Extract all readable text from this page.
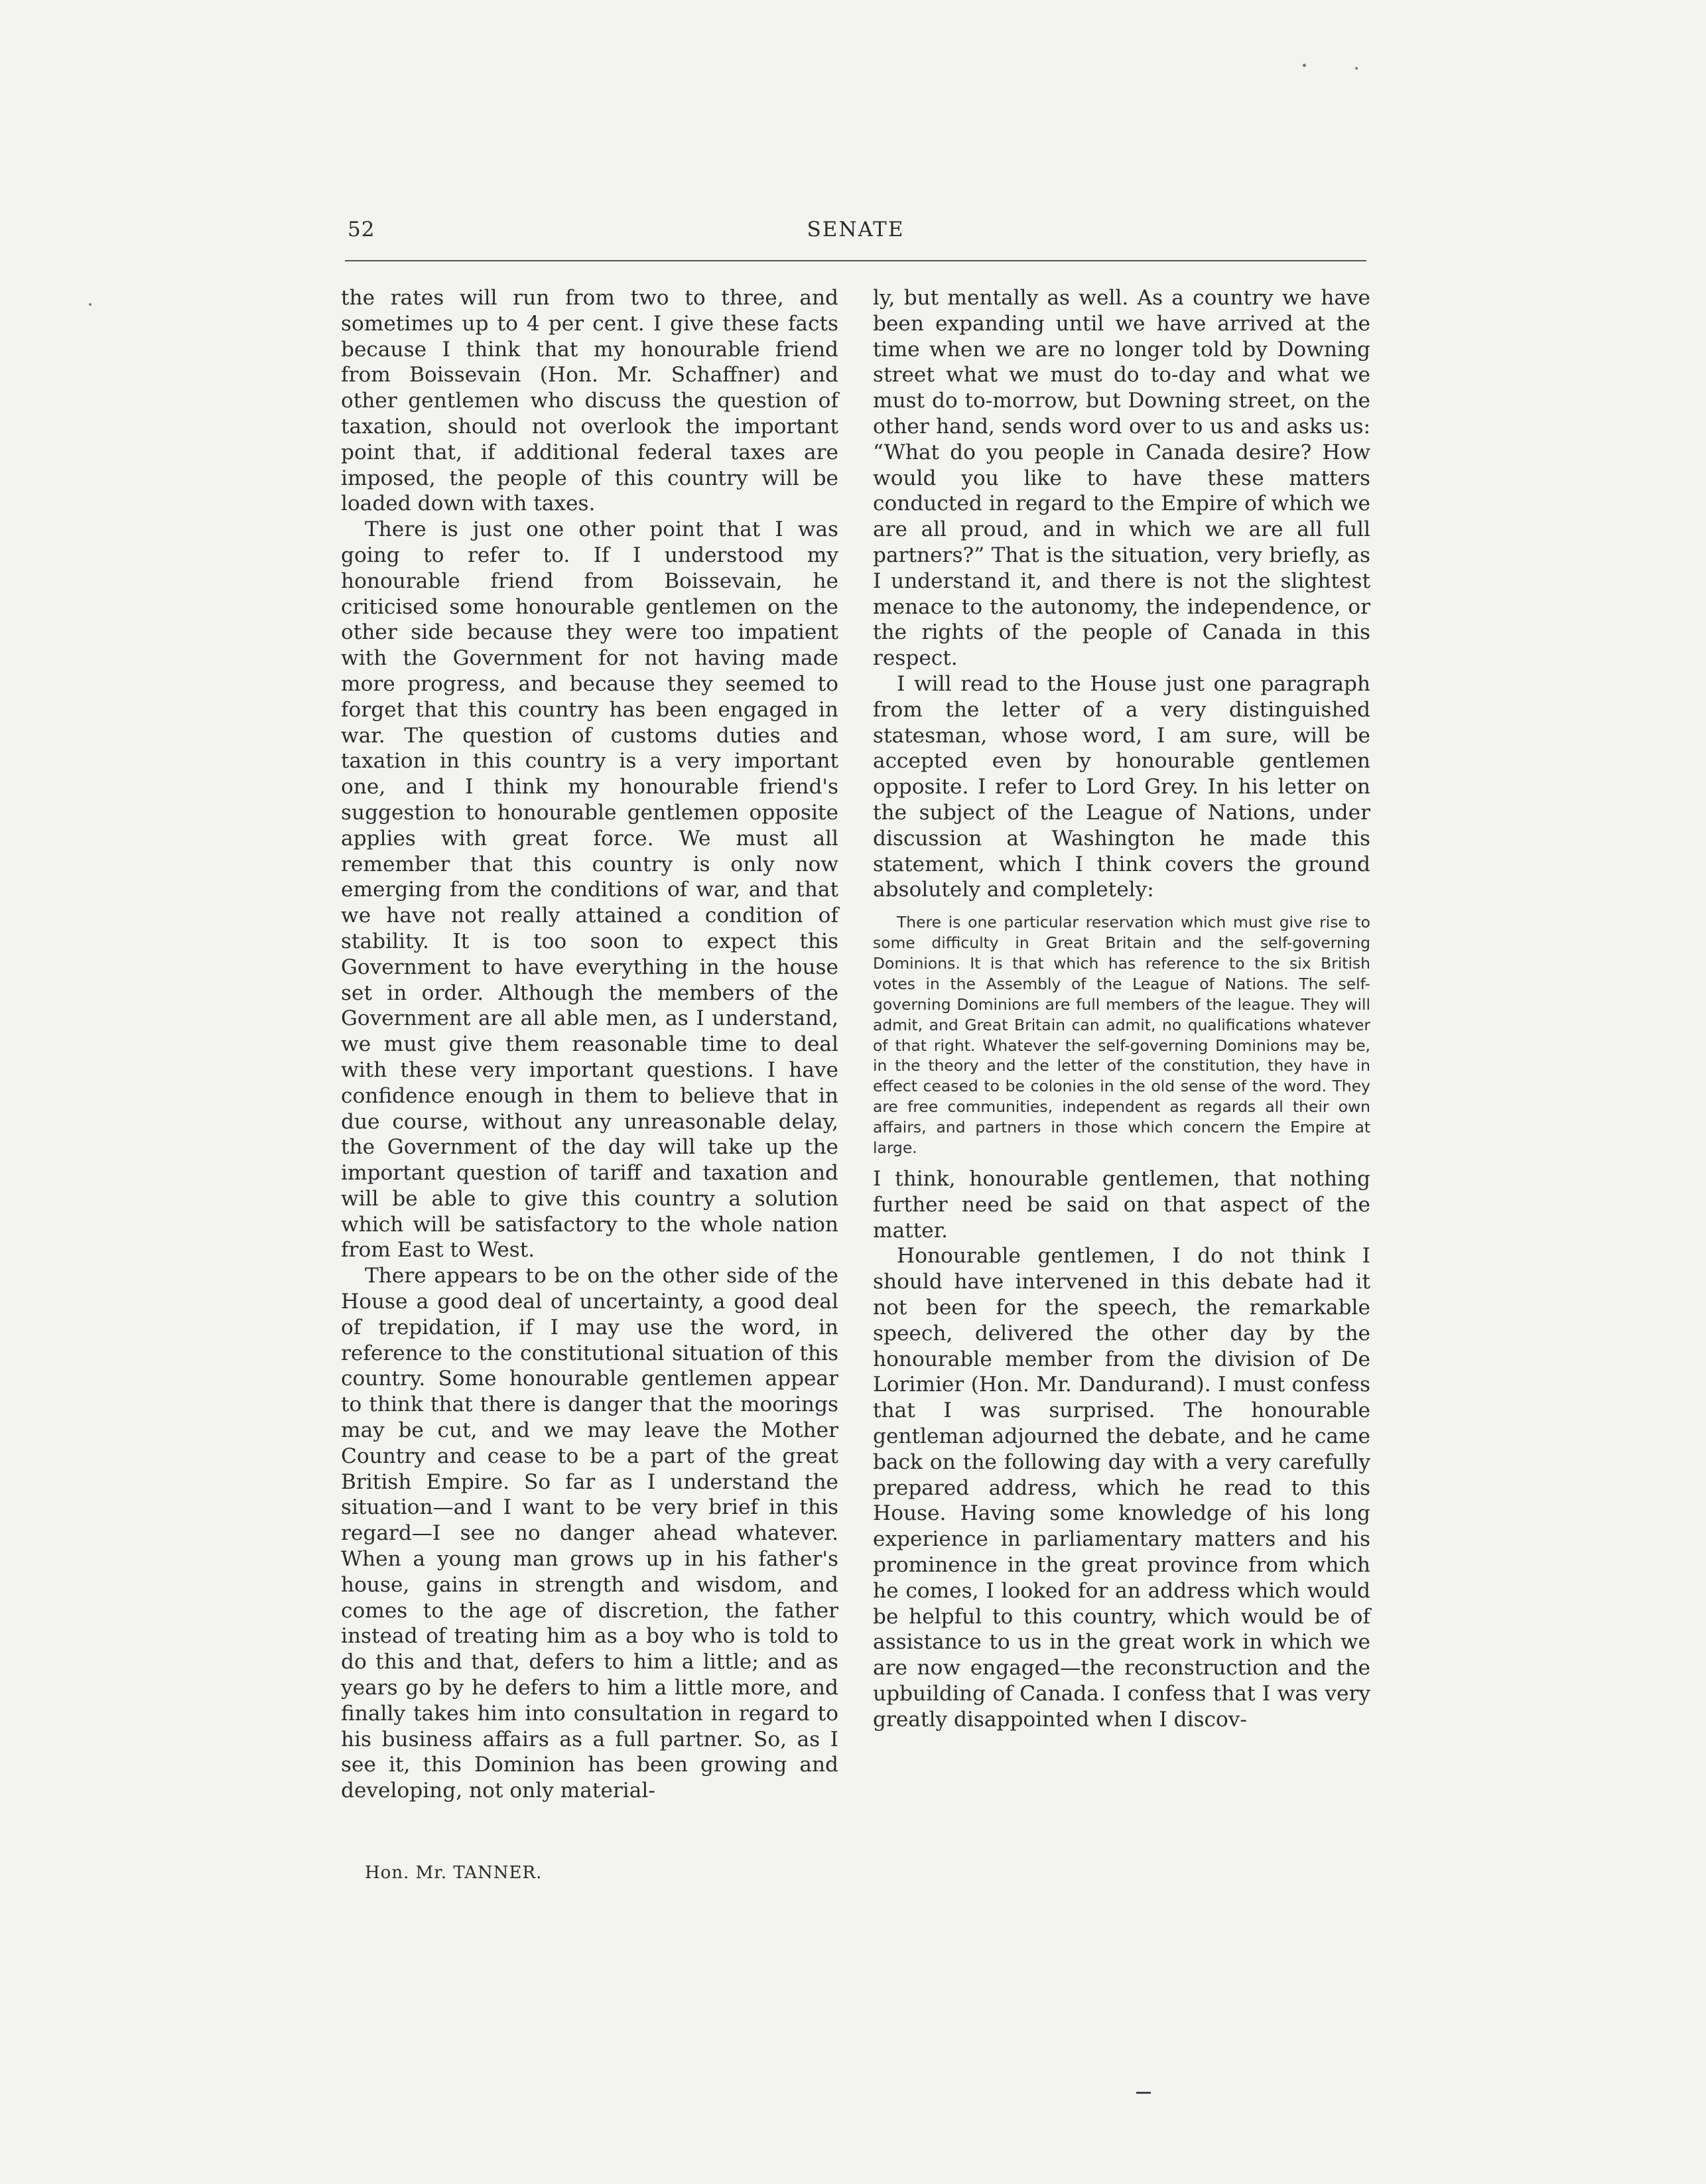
52	SENATE

the rates will run from two to three, and sometimes up to 4 per cent. I give these facts because I think that my honourable friend from Boissevain (Hon. Mr. Schaffner) and other gentlemen who discuss the question of taxation, should not overlook the important point that, if additional federal taxes are imposed, the people of this country will be loaded down with taxes.

There is just one other point that I was going to refer to. If I understood my honourable friend from Boissevain, he criticised some honourable gentlemen on the other side because they were too impatient with the Government for not having made more progress, and because they seemed to forget that this country has been engaged in war. The question of customs duties and taxation in this country is a very important one, and I think my honourable friend's suggestion to honourable gentlemen opposite applies with great force. We must all remember that this country is only now emerging from the conditions of war, and that we have not really attained a condition of stability. It is too soon to expect this Government to have everything in the house set in order. Although the members of the Government are all able men, as I understand, we must give them reasonable time to deal with these very important questions. I have confidence enough in them to believe that in due course, without any unreasonable delay, the Government of the day will take up the important question of tariff and taxation and will be able to give this country a solution which will be satisfactory to the whole nation from East to West.

There appears to be on the other side of the House a good deal of uncertainty, a good deal of trepidation, if I may use the word, in reference to the constitutional situation of this country. Some honourable gentlemen appear to think that there is danger that the moorings may be cut, and we may leave the Mother Country and cease to be a part of the great British Empire. So far as I understand the situation—and I want to be very brief in this regard—I see no danger ahead whatever. When a young man grows up in his father's house, gains in strength and wisdom, and comes to the age of discretion, the father instead of treating him as a boy who is told to do this and that, defers to him a little; and as years go by he defers to him a little more, and finally takes him into consultation in regard to his business affairs as a full partner. So, as I see it, this Dominion has been growing and developing, not only material-

ly, but mentally as well. As a country we have been expanding until we have arrived at the time when we are no longer told by Downing street what we must do to-day and what we must do to-morrow, but Downing street, on the other hand, sends word over to us and asks us: “What do you people in Canada desire? How would you like to have these matters conducted in regard to the Empire of which we are all proud, and in which we are all full partners?” That is the situation, very briefly, as I understand it, and there is not the slightest menace to the autonomy, the independence, or the rights of the people of Canada in this respect.

I will read to the House just one paragraph from the letter of a very distinguished statesman, whose word, I am sure, will be accepted even by honourable gentlemen opposite. I refer to Lord Grey. In his letter on the subject of the League of Nations, under discussion at Washington he made this statement, which I think covers the ground absolutely and completely:

There is one particular reservation which must give rise to some difficulty in Great Britain and the self-governing Dominions. It is that which has reference to the six British votes in the Assembly of the League of Nations. The self-governing Dominions are full members of the league. They will admit, and Great Britain can admit, no qualifications whatever of that right. Whatever the self-governing Dominions may be, in the theory and the letter of the constitution, they have in effect ceased to be colonies in the old sense of the word. They are free communities, independent as regards all their own affairs, and partners in those which concern the Empire at large.

I think, honourable gentlemen, that nothing further need be said on that aspect of the matter.

Honourable gentlemen, I do not think I should have intervened in this debate had it not been for the speech, the remarkable speech, delivered the other day by the honourable member from the division of De Lorimier (Hon. Mr. Dandurand). I must confess that I was surprised. The honourable gentleman adjourned the debate, and he came back on the following day with a very carefully prepared address, which he read to this House. Having some knowledge of his long experience in parliamentary matters and his prominence in the great province from which he comes, I looked for an address which would be helpful to this country, which would be of assistance to us in the great work in which we are now engaged—the reconstruction and the upbuilding of Canada. I confess that I was very greatly disappointed when I discov-

Hon. Mr. TANNER.
